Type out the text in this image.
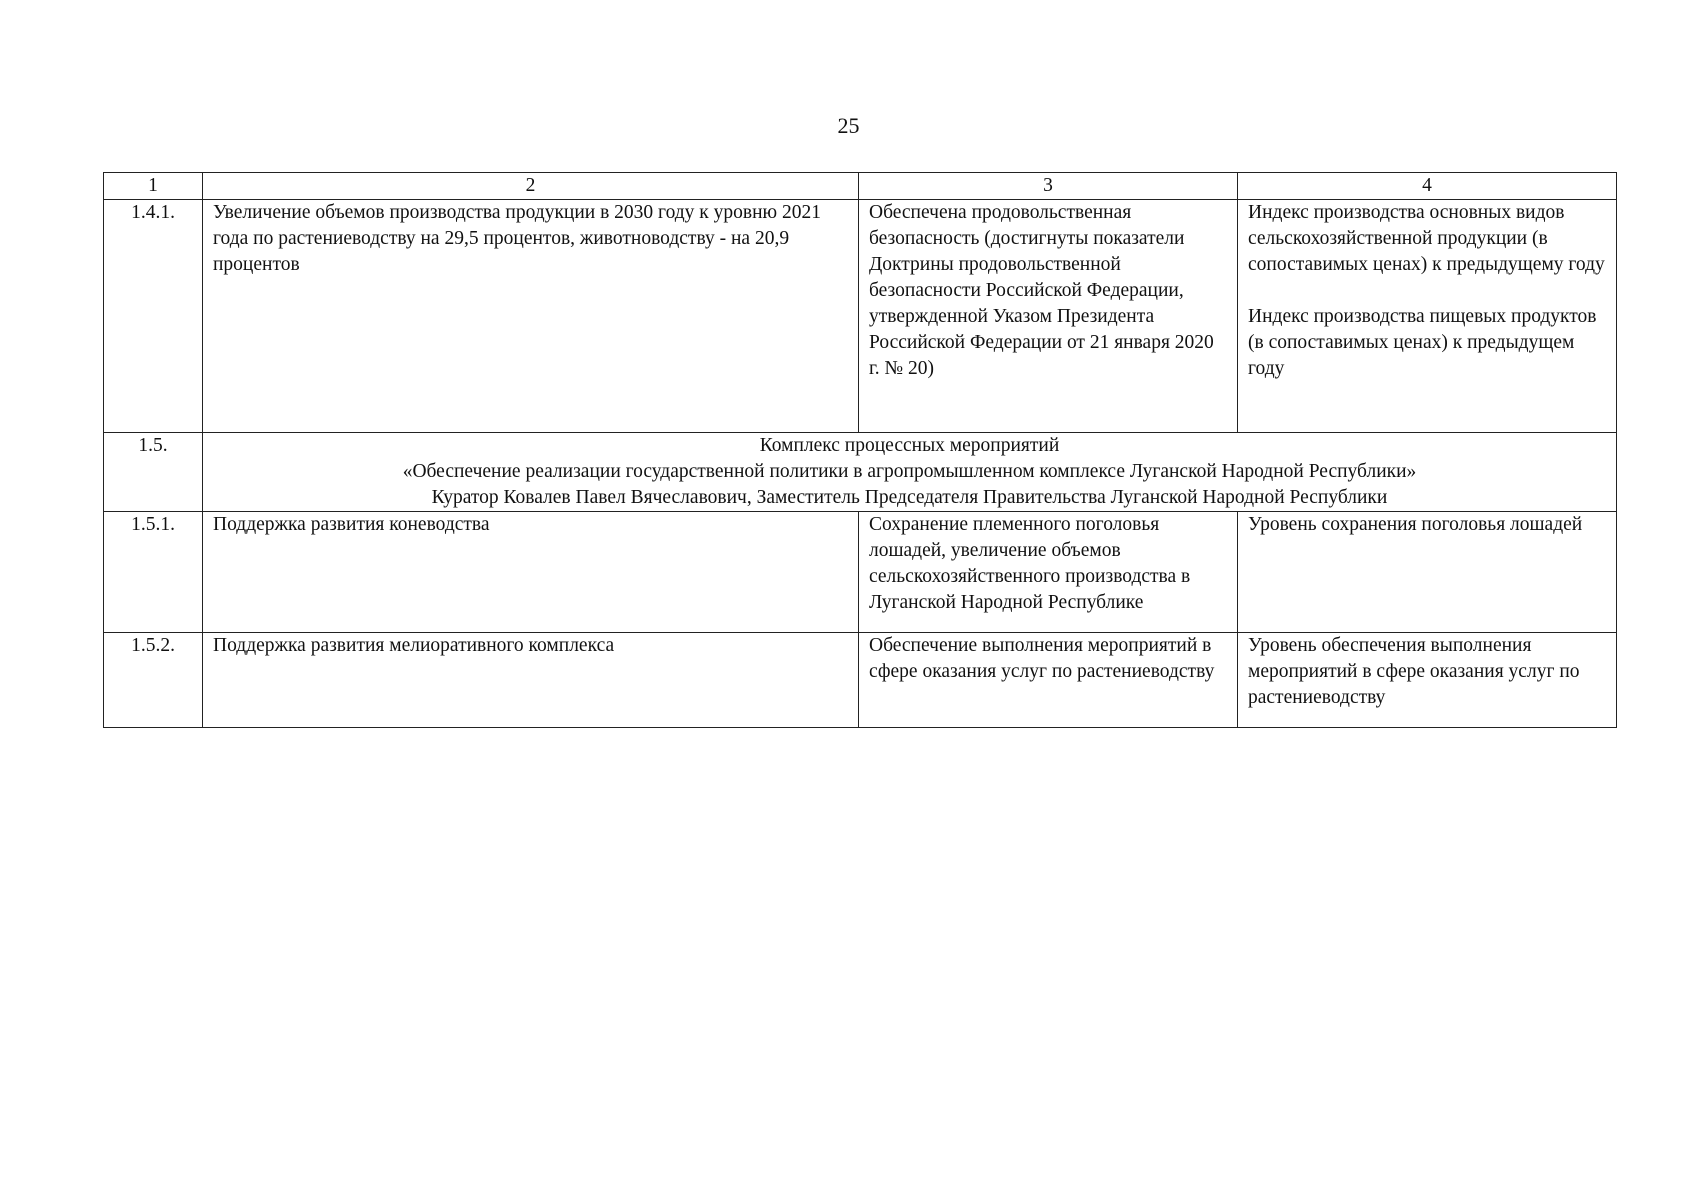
25
1	2	3	4
1.4.1.	Увеличение объемов производства продукции в 2030 году к уровню 2021 года по растениеводству на 29,5 процентов, животноводству - на 20,9 процентов	Обеспечена продовольственная безопасность (достигнуты показатели Доктрины продовольственной безопасности Российской Федерации, утвержденной Указом Президента Российской Федерации от 21 января 2020 г. № 20)	Индекс производства основных видов сельскохозяйственной продукции (в сопоставимых ценах) к предыдущему году
Индекс производства пищевых продуктов (в сопоставимых ценах) к предыдущем году
1.5.	Комплекс процессных мероприятий
«Обеспечение реализации государственной политики в агропромышленном комплексе Луганской Народной Республики»
Куратор Ковалев Павел Вячеславович, Заместитель Председателя Правительства Луганской Народной Республики		

1.5.1.	Поддержка развития коневодства	Сохранение племенного поголовья лошадей, увеличение объемов сельскохозяйственного производства в Луганской Народной Республике	Уровень сохранения поголовья лошадей
1.5.2.	Поддержка развития мелиоративного комплекса	Обеспечение выполнения мероприятий в сфере оказания услуг по растениеводству	Уровень обеспечения выполнения мероприятий в сфере оказания услуг по растениеводству
